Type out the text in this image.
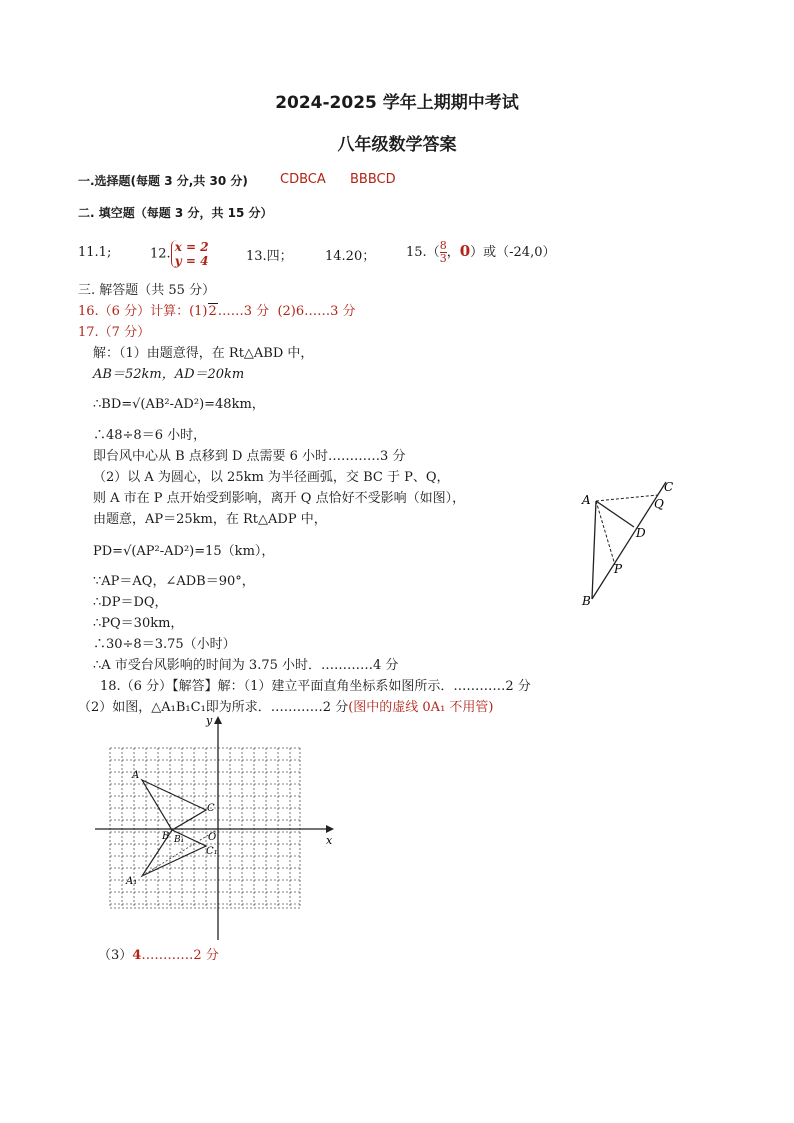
2024-2025 学年上期期中考试
八年级数学答案
一.选择题(每题 3 分,共 30 分) CDBCA BBBCD
二. 填空题（每题 3 分，共 15 分）
11.1;	12. x = 2
y = 4	13.四； 14.20； $15.( \frac{8}{3}$ ，0）或（-24,0）
三. 解答题（共 55 分）
16.（6 分）计算：(1)2……3 分 (2)6……3 分
17.（7 分）
解：（1）由题意得，在 Rt△ABD 中，
AB＝52km，AD＝20km
∴BD=√(AB²-AD²)=48km，
∴48÷8＝6 小时，
即台风中心从 B 点移到 D 点需要 6 小时…………3 分
（2）以 A 为圆心，以 25km 为半径画弧，交 BC 于 P、Q，
则 A 市在 P 点开始受到影响，离开 Q 点恰好不受影响（如图），
由题意，AP＝25km，在 Rt△ADP 中，
PD=√(AP²-AD²)=15（km），
∵AP＝AQ，∠ADB＝90°，
∴DP＝DQ，
∴PQ＝30km，
∴30÷8＝3.75（小时）
∴A 市受台风影响的时间为 3.75 小时．…………4 分
A
B
C
Q
D
P
18.（6 分）【解答】解：（1）建立平面直角坐标系如图所示．…………2 分
（2）如图，△A₁B₁C₁即为所求．…………2 分(图中的虚线 0A₁ 不用管)
y
x
A
C
B B₁ O
C₁
A₁
（3）4…………2 分
